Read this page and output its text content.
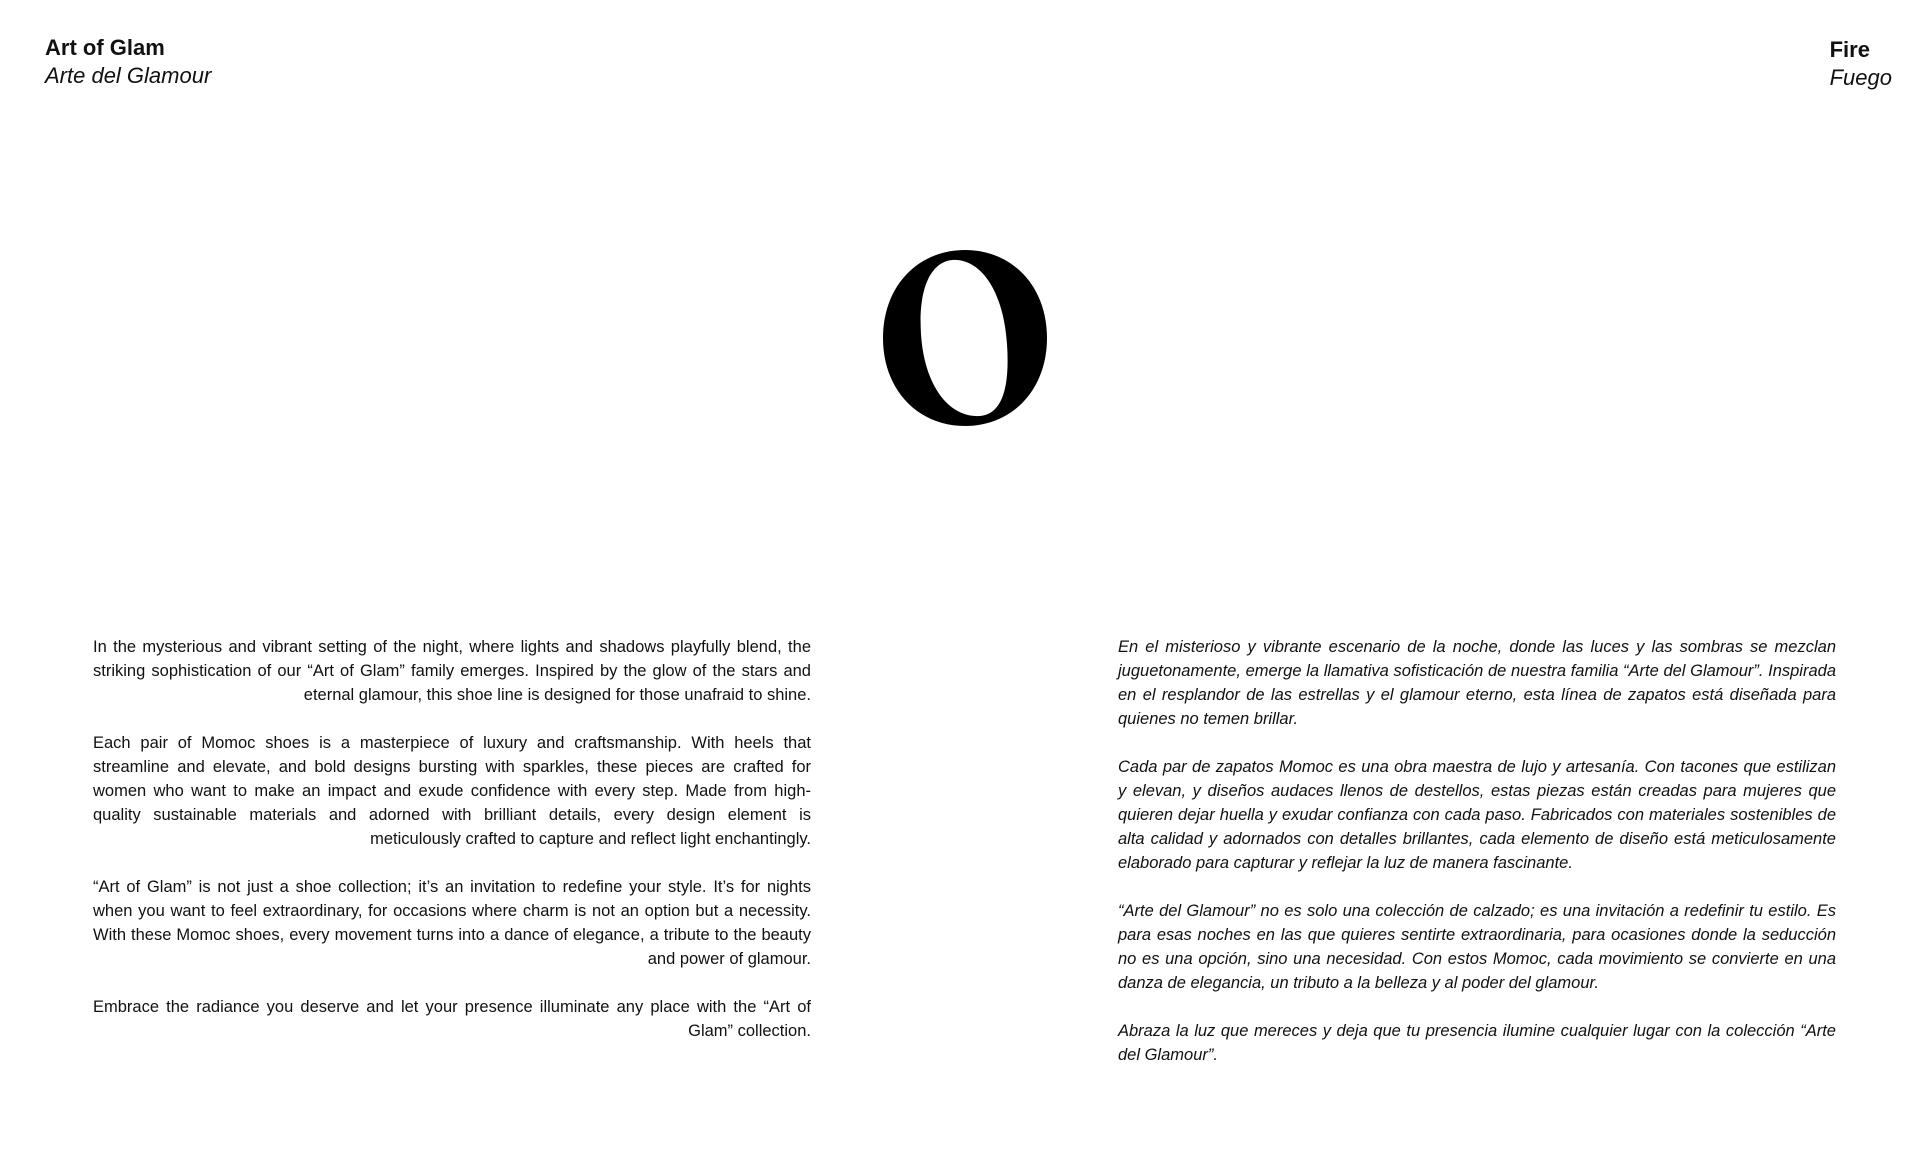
Art of Glam

Arte del Glamour

Fire

Fuego

In the mysterious and vibrant setting of the night, where lights and shadows playfully blend, the striking sophistication of our “Art of Glam” family emerges. Inspired by the glow of the stars and eternal glamour, this shoe line is designed for those unafraid to shine.

Each pair of Momoc shoes is a masterpiece of luxury and craftsmanship. With heels that streamline and elevate, and bold designs bursting with sparkles, these pieces are crafted for women who want to make an impact and exude confidence with every step. Made from high-quality sustainable materials and adorned with brilliant details, every design element is meticulously crafted to capture and reflect light enchantingly.

“Art of Glam” is not just a shoe collection; it’s an invitation to redefine your style. It’s for nights when you want to feel extraordinary, for occasions where charm is not an option but a necessity. With these Momoc shoes, every movement turns into a dance of elegance, a tribute to the beauty and power of glamour.

Embrace the radiance you deserve and let your presence illuminate any place with the “Art of Glam” collection.

En el misterioso y vibrante escenario de la noche, donde las luces y las sombras se mezclan juguetonamente, emerge la llamativa sofisticación de nuestra familia “Arte del Glamour”. Inspirada en el resplandor de las estrellas y el glamour eterno, esta línea de zapatos está diseñada para quienes no temen brillar.

Cada par de zapatos Momoc es una obra maestra de lujo y artesanía. Con tacones que estilizan y elevan, y diseños audaces llenos de destellos, estas piezas están creadas para mujeres que quieren dejar huella y exudar confianza con cada paso. Fabricados con materiales sostenibles de alta calidad y adornados con detalles brillantes, cada elemento de diseño está meticulosamente elaborado para capturar y reflejar la luz de manera fascinante.

“Arte del Glamour” no es solo una colección de calzado; es una invitación a redefinir tu estilo. Es para esas noches en las que quieres sentirte extraordinaria, para ocasiones donde la seducción no es una opción, sino una necesidad. Con estos Momoc, cada movimiento se convierte en una danza de elegancia, un tributo a la belleza y al poder del glamour.

Abraza la luz que mereces y deja que tu presencia ilumine cualquier lugar con la colección “Arte del Glamour”.
